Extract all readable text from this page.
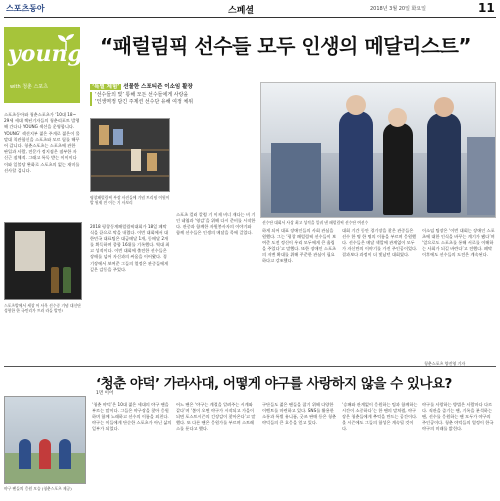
스포츠동아	스페셜	2018년 3월 20일 화요일	11
young
with 청춘 스포츠
“패럴림픽 선수들 모두 인생의 메달리스트”
스포츠동아와 청춘스포츠가 ‘10대 18~ 29세 세대 젝된기자들의 청춘리포트 발행 해 간다나 YOUNG 섹션을 운영합니다. YOUNG’ 섹션지부 젊은 주게로 젊은이 물말대 칙관합신을 스포츠와 모르 릴를 해꾸어 갑니다. 청춘스포츠는 스포츠에 관한 판입과 사람, 전문가 정지점은 점부한 자신근 점체적. 그래고 특독 받는 이이이다이와 일불당 완화로 스포츠의 없는 재미를 선사할 겁니다.
‘특별 체험’ 선물한 스포티즌 이소임 활장
‘선수들의 빛’ 통해 모든 선수들에게 사랑을
‘인생역정 담긴 주제션 선수단 유해 여정 체위
평창패럴림픽 부장 사진들에 기념 트리핑 이원이 발 원제 전 이는 기 사보리
선수단 대회서 사상 최고 성적을 일궈 낸 패럴림픽 선수단 여선수
스포츠발에서 세창 어 사옥 선수중 기념 대신단 성형한 한 국민리가 트러 라들 발언!
2018 평창동계패럴림픽대회가 18일 폐막식을 끝으로 막을 내렸다. 이번 대회에서 대한민국 대표팀은 대금메달 1개, 동메달 2개를 획득하며 종합 16위를 기록했다. 역대 최고 성적이다. 이번 대회에 출전한 선수들은 장애를 넘어 자신과의 싸움을 이어왔다. 경기장에서 보여준 그들의 열정은 관중들에게 깊은 감동을 주었다.
스포츠 컬러 칼럼 기 이제 비너 재다는 비 기인 네엽과 ‘영감’을 위해 다시 준비를 시작한다. 관중과 함께한 자원봉사자의 이야기와 함께 선수들은 인생의 메달을 목에 걸었다.	하게 되어 대표 장애인들의 사회 관심을 원했다. 그는 ‘평창 패럴림픽 선수들이 보여준 도전 정신이 우리 모두에게 큰 울림을 주었다’고 말했다. 또한 장애인 스포츠의 저변 확대를 위해 꾸준한 관심이 필요하다고 강조했다.
대회 기간 동안 경기장을 찾은 관중들은 선수 한 명 한 명의 이름을 부르며 응원했다. 선수들은 메달 색깔에 관계없이 모두가 자신만의 이야기를 가진 주인공이었다. 결과보다 과정이 더 빛났던 대회였다.
이소임 팀장은 ‘이번 대회는 장애인 스포츠에 대한 인식을 바꾸는 계기가 됐다’며 ‘앞으로도 스포츠를 통해 서로를 이해하는 사회가 되길 바란다’고 전했다. 폐막 이후에도 선수들의 도전은 계속된다.
청춘스포츠 양진영 기자
‘청춘 야덕’ 가라사대, 어떻게 야구를 사랑하지 않을 수 있나요?
1면 이어
야구 팬들의 응원 모습 (청춘스포츠 제공)
‘청춘 야덕’은 10대 젊은 세대의 야구 팬을 부르는 말이다. 그들은 야구장을 찾아 응원하며 함께 노래하고 선수의 이름을 외친다. 야구는 이들에게 단순한 스포츠가 아닌 삶의 일부가 되었다.
어느 팬은 ‘야구는 계절을 알려주는 시계와 같다’며 ‘봄이 오면 야구가 시작되고 가을이 되면 포스트시즌의 긴장감이 찾아온다’고 말했다. 또 다른 팬은 응원가를 부르며 스트레스를 푼다고 했다.
구단들도 젊은 팬들을 잡기 위해 다양한 이벤트를 마련하고 있다. SNS를 활용한 소통과 특별 유니폼, 굿즈 판매 등은 청춘 야덕들의 큰 호응을 얻고 있다.
‘승패와 관계없이 응원하는 팀과 함께하는 시간이 소중하다’는 한 팬의 말처럼, 야구장은 청춘들에게 추억을 만드는 공간이다. 올 시즌에도 그들의 함성은 계속될 것이다.
야구를 사랑하는 방법은 사람마다 다르다. 직관을 즐기는 팬, 기록을 분석하는 팬, 선수를 응원하는 팬 모두가 야구의 주인공이다. 청춘 야덕들의 열정이 한국 야구의 미래를 밝힌다.
